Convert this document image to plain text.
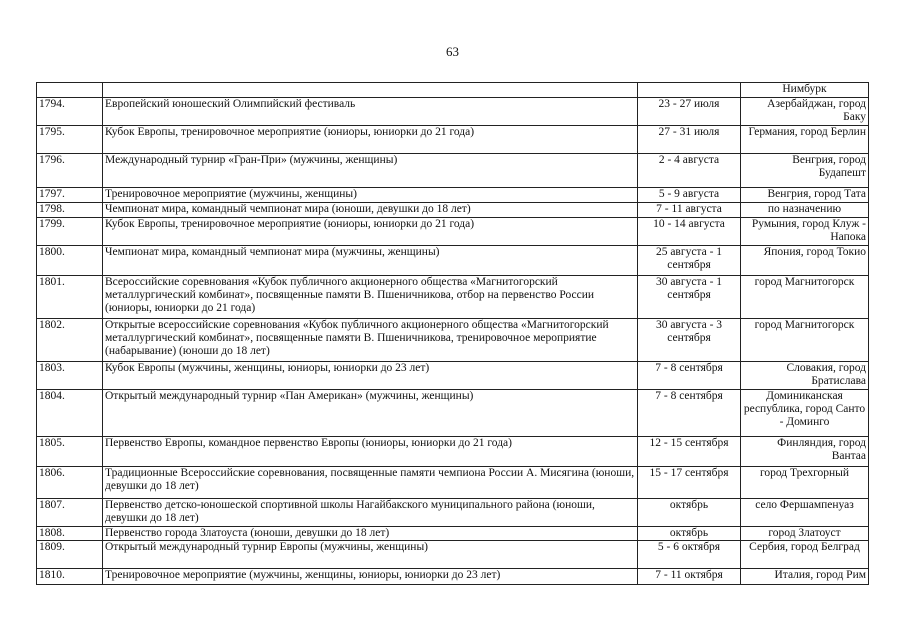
63
			Нимбурк
1794.	Европейский юношеский Олимпийский фестиваль	23 - 27 июля	Азербайджан, город Баку
1795.	Кубок Европы, тренировочное мероприятие (юниоры, юниорки до 21 года)	27 - 31 июля	Германия, город Берлин
1796.	Международный турнир «Гран-При» (мужчины, женщины)	2 - 4 августа	Венгрия, город Будапешт
1797.	Тренировочное мероприятие (мужчины, женщины)	5 - 9 августа	Венгрия, город Тата
1798.	Чемпионат мира, командный чемпионат мира (юноши, девушки до 18 лет)	7 - 11 августа	по назначению
1799.	Кубок Европы, тренировочное мероприятие (юниоры, юниорки до 21 года)	10 - 14 августа	Румыния, город Клуж - Напока
1800.	Чемпионат мира, командный чемпионат мира (мужчины, женщины)	25 августа - 1 сентября	Япония, город Токио
1801.	Всероссийские соревнования «Кубок публичного акционерного общества «Магнитогорский металлургический комбинат», посвященные памяти В. Пшеничникова, отбор на первенство России (юниоры, юниорки до 21 года)	30 августа - 1 сентября	город Магнитогорск
1802.	Открытые всероссийские соревнования «Кубок публичного акционерного общества «Магнитогорский металлургический комбинат», посвященные памяти В. Пшеничникова, тренировочное мероприятие (набарывание) (юноши до 18 лет)	30 августа - 3 сентября	город Магнитогорск
1803.	Кубок Европы (мужчины, женщины, юниоры, юниорки до 23 лет)	7 - 8 сентября	Словакия, город Братислава
1804.	Открытый международный турнир «Пан Американ» (мужчины, женщины)	7 - 8 сентября	Доминиканская республика, город Санто - Доминго
1805.	Первенство Европы, командное первенство Европы (юниоры, юниорки до 21 года)	12 - 15 сентября	Финляндия, город Вантаа
1806.	Традиционные Всероссийские соревнования, посвященные памяти чемпиона России А. Мисягина (юноши, девушки до 18 лет)	15 - 17 сентября	город Трехгорный
1807.	Первенство детско-юношеской спортивной школы Нагайбакского муниципального района (юноши, девушки до 18 лет)	октябрь	село Фершампенуаз
1808.	Первенство города Златоуста (юноши, девушки до 18 лет)	октябрь	город Златоуст
1809.	Открытый международный турнир Европы (мужчины, женщины)	5 - 6 октября	Сербия, город Белград
1810.	Тренировочное мероприятие (мужчины, женщины, юниоры, юниорки до 23 лет)	7 - 11 октября	Италия, город Рим
